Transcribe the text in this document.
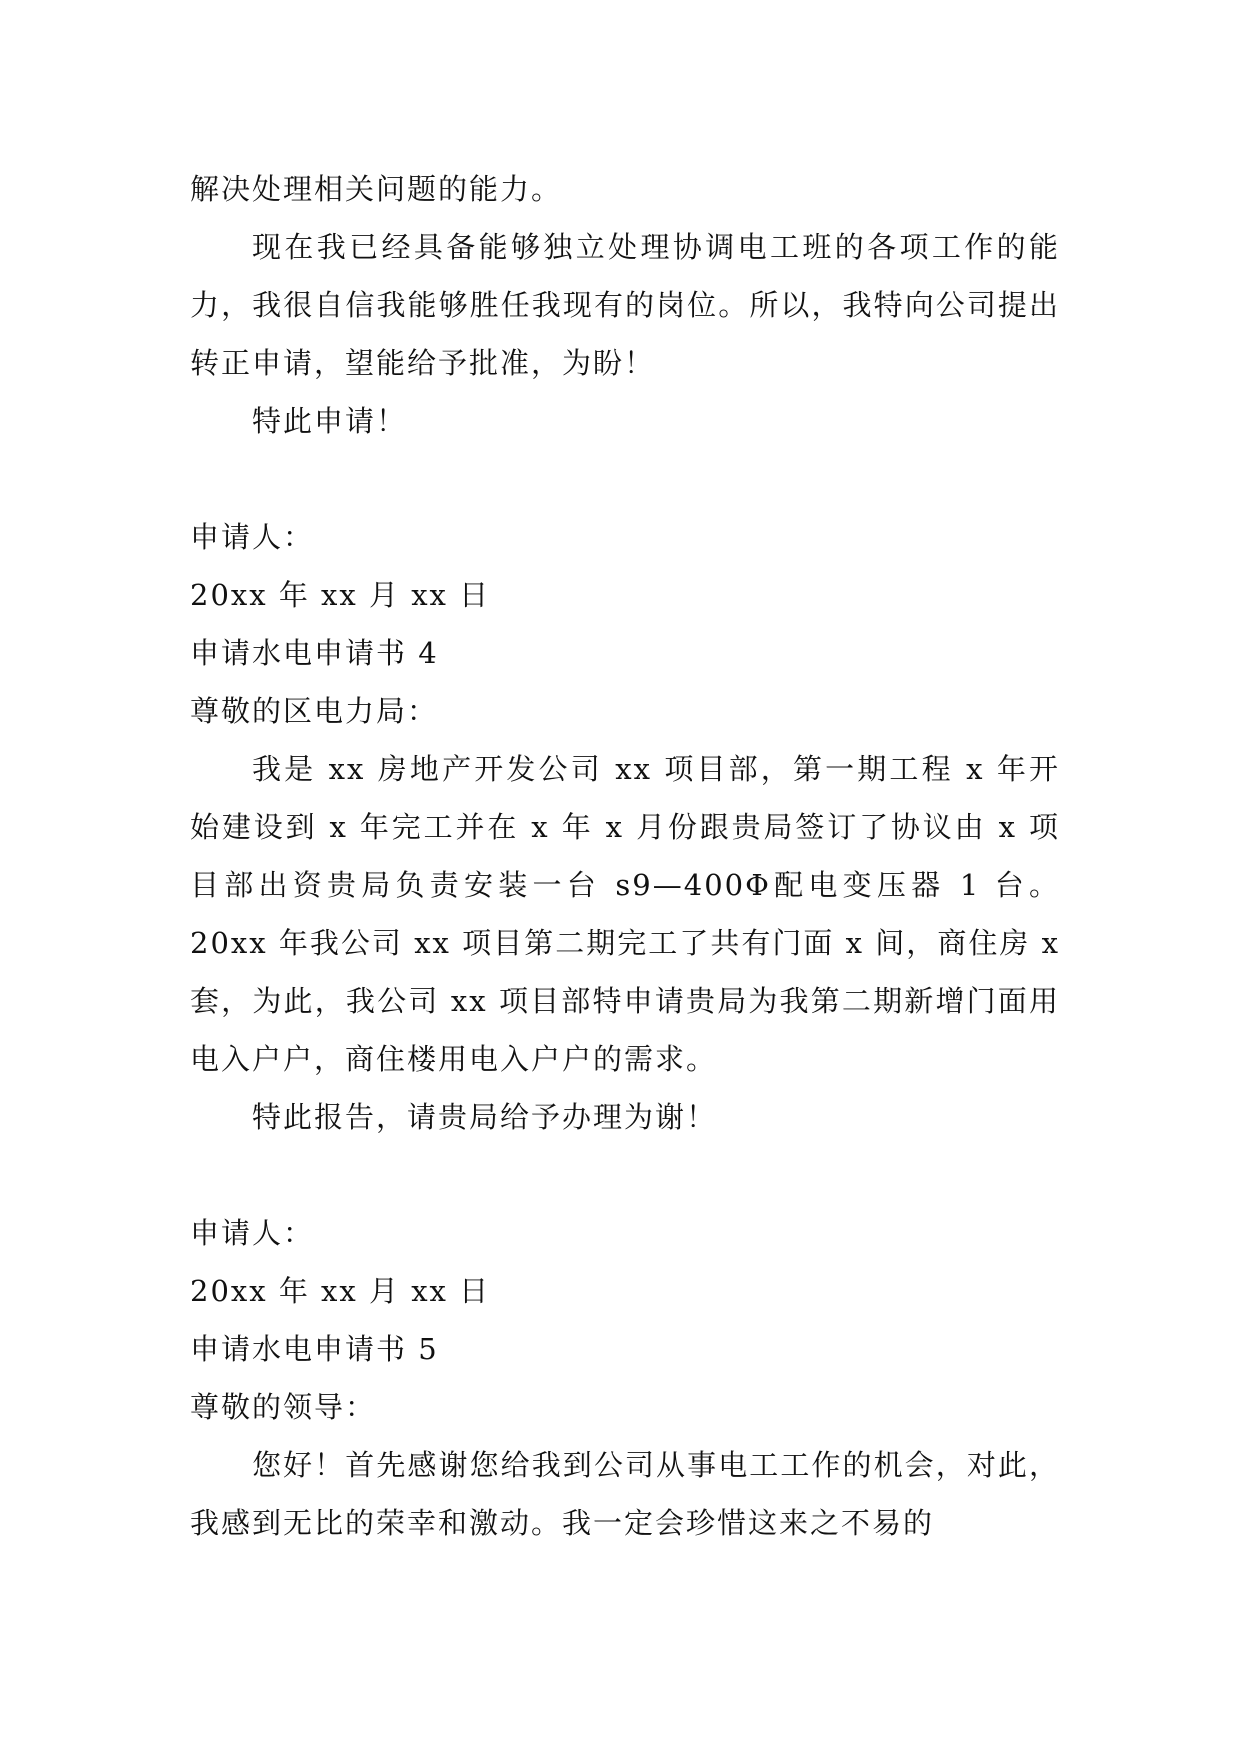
解决处理相关问题的能力。

现在我已经具备能够独立处理协调电工班的各项工作的能力，我很自信我能够胜任我现有的岗位。所以，我特向公司提出转正申请，望能给予批准，为盼！

特此申请！

申请人：

20xx 年 xx 月 xx 日

申请水电申请书 4

尊敬的区电力局：

我是 xx 房地产开发公司 xx 项目部，第一期工程 x 年开始建设到 x 年完工并在 x 年 x 月份跟贵局签订了协议由 x 项目部出资贵局负责安装一台 s9—400Φ配电变压器 1 台。20xx 年我公司 xx 项目第二期完工了共有门面 x 间，商住房 x 套，为此，我公司 xx 项目部特申请贵局为我第二期新增门面用电入户户，商住楼用电入户户的需求。

特此报告，请贵局给予办理为谢！

申请人：

20xx 年 xx 月 xx 日

申请水电申请书 5

尊敬的领导：

您好！首先感谢您给我到公司从事电工工作的机会，对此，我感到无比的荣幸和激动。我一定会珍惜这来之不易的
